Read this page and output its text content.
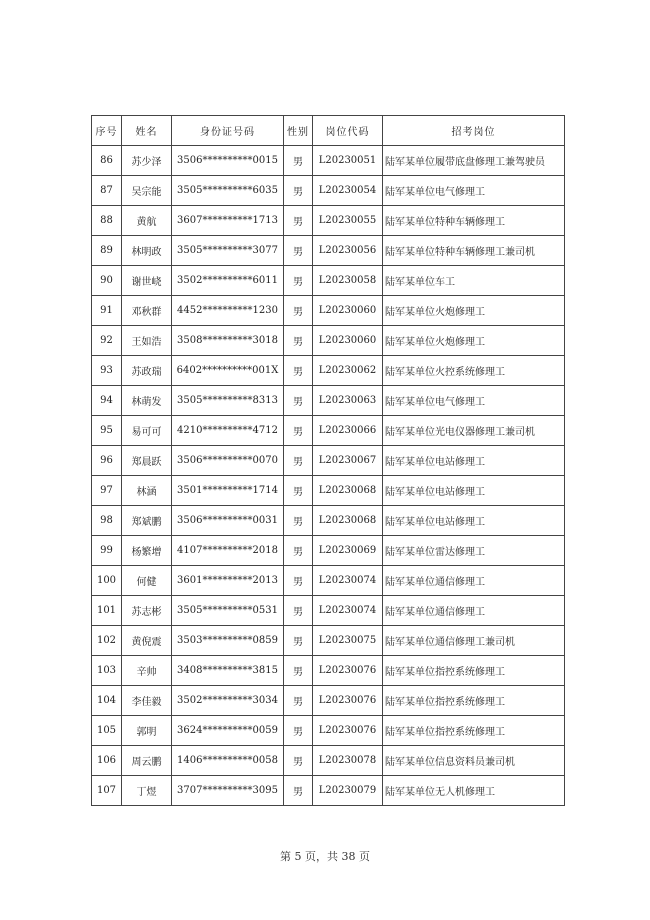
序号	姓名	身份证号码	性别	岗位代码	招考岗位
86	苏少泽	3506**********0015	男	L20230051	陆军某单位履带底盘修理工兼驾驶员
87	吴宗能	3505**********6035	男	L20230054	陆军某单位电气修理工
88	黄航	3607**********1713	男	L20230055	陆军某单位特种车辆修理工
89	林明政	3505**********3077	男	L20230056	陆军某单位特种车辆修理工兼司机
90	谢世峣	3502**********6011	男	L20230058	陆军某单位车工
91	邓秋群	4452**********1230	男	L20230060	陆军某单位火炮修理工
92	王如浩	3508**********3018	男	L20230060	陆军某单位火炮修理工
93	苏政瑞	6402**********001X	男	L20230062	陆军某单位火控系统修理工
94	林萌发	3505**********8313	男	L20230063	陆军某单位电气修理工
95	易可可	4210**********4712	男	L20230066	陆军某单位光电仪器修理工兼司机
96	郑晨跃	3506**********0070	男	L20230067	陆军某单位电站修理工
97	林涵	3501**********1714	男	L20230068	陆军某单位电站修理工
98	郑斌鹏	3506**********0031	男	L20230068	陆军某单位电站修理工
99	杨繁增	4107**********2018	男	L20230069	陆军某单位雷达修理工
100	何健	3601**********2013	男	L20230074	陆军某单位通信修理工
101	苏志彬	3505**********0531	男	L20230074	陆军某单位通信修理工
102	黄倪震	3503**********0859	男	L20230075	陆军某单位通信修理工兼司机
103	辛帅	3408**********3815	男	L20230076	陆军某单位指控系统修理工
104	李佳毅	3502**********3034	男	L20230076	陆军某单位指控系统修理工
105	郭明	3624**********0059	男	L20230076	陆军某单位指控系统修理工
106	周云鹏	1406**********0058	男	L20230078	陆军某单位信息资料员兼司机
107	丁煜	3707**********3095	男	L20230079	陆军某单位无人机修理工
第 5 页，共 38 页
